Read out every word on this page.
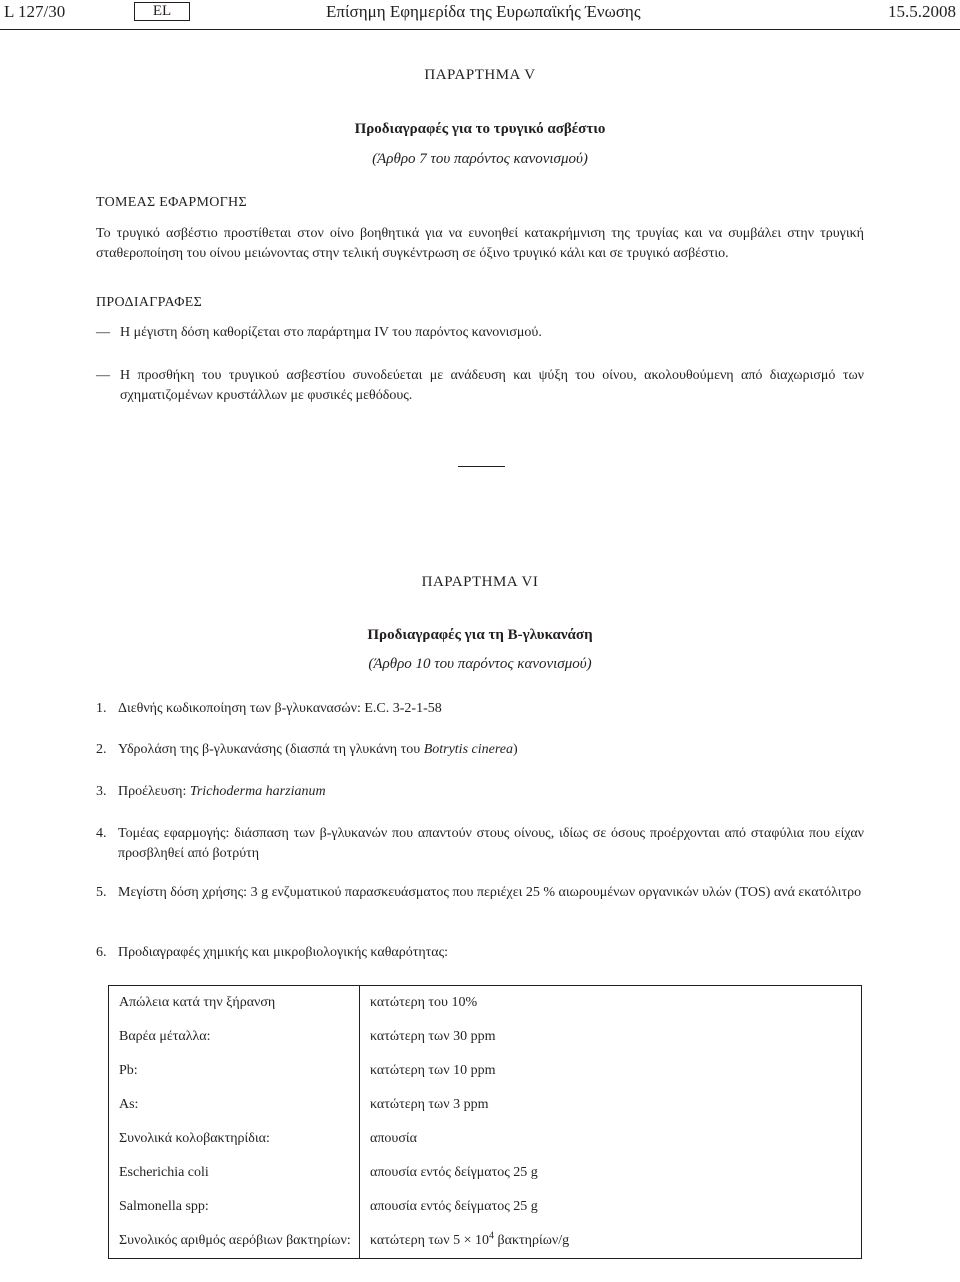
L 127/30	EL	Επίσημη Εφημερίδα της Ευρωπαϊκής Ένωσης	15.5.2008
ΠΑΡΑΡΤΗΜΑ V
Προδιαγραφές για το τρυγικό ασβέστιο
(Άρθρο 7 του παρόντος κανονισμού)
ΤΟΜΕΑΣ ΕΦΑΡΜΟΓΗΣ
Το τρυγικό ασβέστιο προστίθεται στον οίνο βοηθητικά για να ευνοηθεί κατακρήμνιση της τρυγίας και να συμβάλει στην τρυγική
σταθεροποίηση του οίνου μειώνοντας στην τελική συγκέντρωση σε όξινο τρυγικό κάλι και σε τρυγικό ασβέστιο.
ΠΡΟΔΙΑΓΡΑΦΕΣ
— Η μέγιστη δόση καθορίζεται στο παράρτημα IV του παρόντος κανονισμού.
— Η προσθήκη του τρυγικού ασβεστίου συνοδεύεται με ανάδευση και ψύξη του οίνου, ακολουθούμενη από διαχωρισμό των σχηματιζομένων κρυστάλλων με φυσικές μεθόδους.
ΠΑΡΑΡΤΗΜΑ VI
Προδιαγραφές για τη Β-γλυκανάση
(Άρθρο 10 του παρόντος κανονισμού)
1. Διεθνής κωδικοποίηση των β-γλυκανασών: E.C. 3-2-1-58
2. Υδρολάση της β-γλυκανάσης (διασπά τη γλυκάνη του Botrytis cinerea)
3. Προέλευση: Trichoderma harzianum
4. Τομέας εφαρμογής: διάσπαση των β-γλυκανών που απαντούν στους οίνους, ιδίως σε όσους προέρχονται από σταφύλια που είχαν προσβληθεί από βοτρύτη
5. Μεγίστη δόση χρήσης: 3 g ενζυματικού παρασκευάσματος που περιέχει 25 % αιωρουμένων οργανικών υλών (TOS) ανά εκατόλιτρο
6. Προδιαγραφές χημικής και μικροβιολογικής καθαρότητας:
Απώλεια κατά την ξήρανση	κατώτερη του 10%
Βαρέα μέταλλα:	κατώτερη των 30 ppm
Pb:	κατώτερη των 10 ppm
As:	κατώτερη των 3 ppm
Συνολικά κολοβακτηρίδια:	απουσία
Escherichia coli	απουσία εντός δείγματος 25 g
Salmonella spp:	απουσία εντός δείγματος 25 g
Συνολικός αριθμός αερόβιων βακτηρίων:	κατώτερη των $5 \times 10^4$ βακτηρίων/g
